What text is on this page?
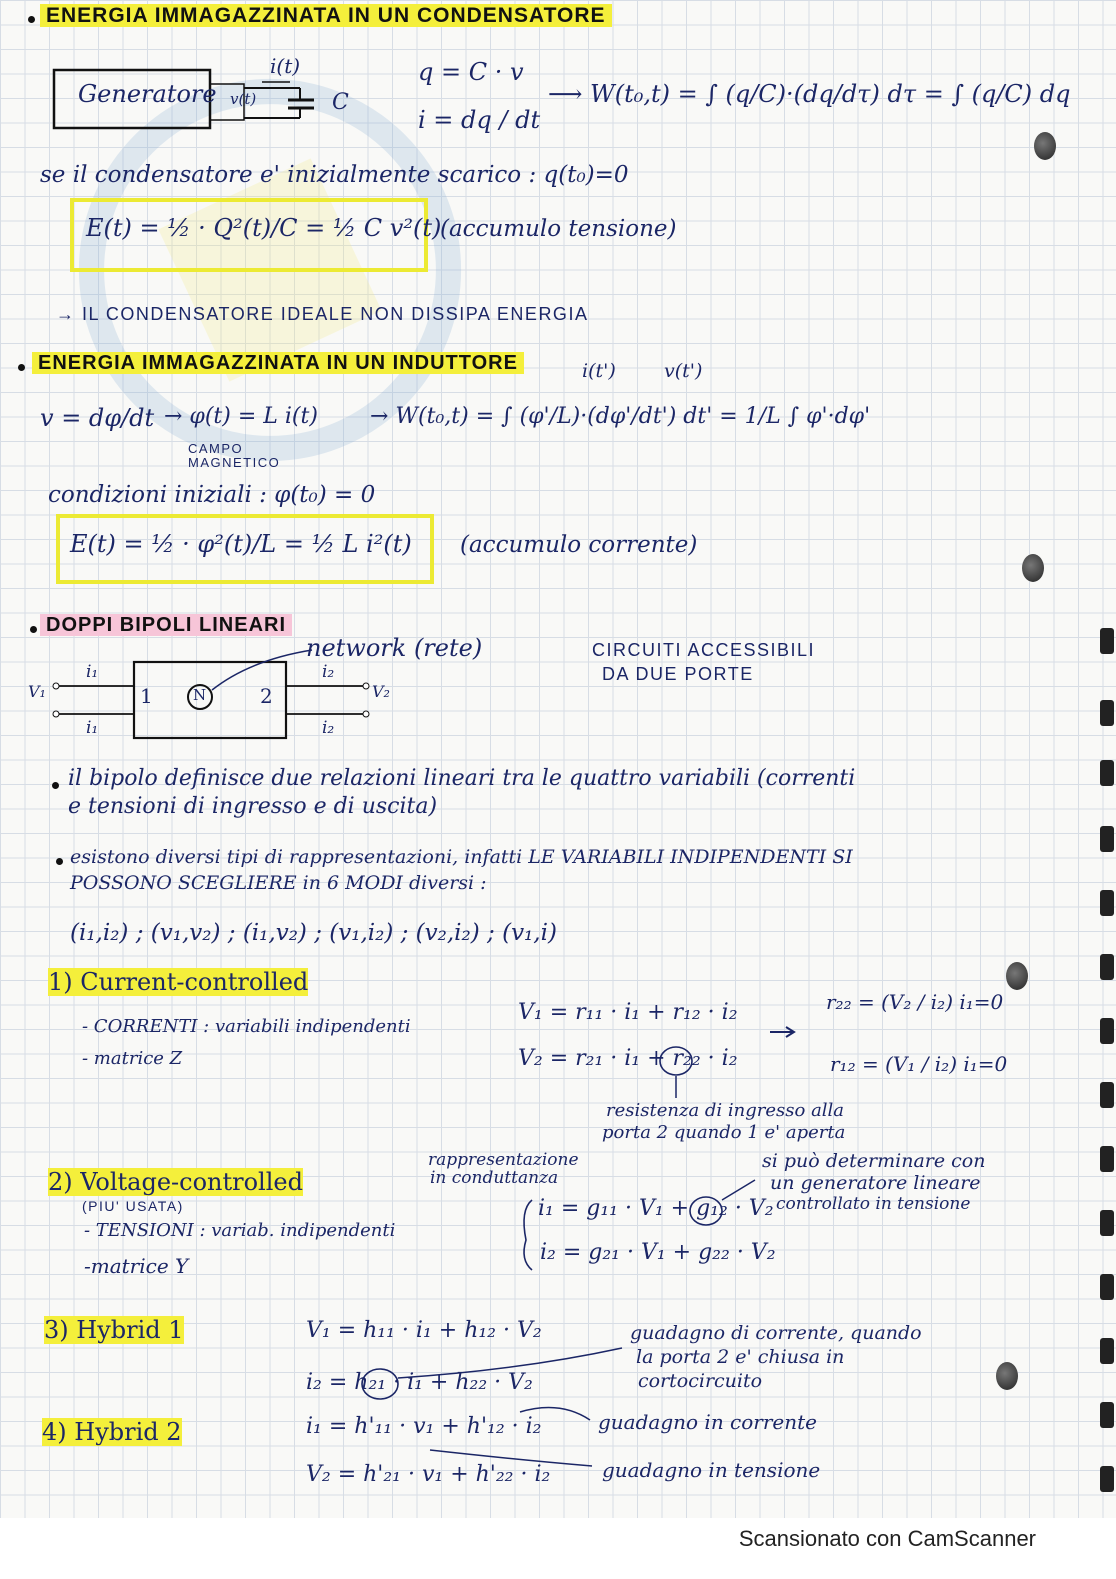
ENERGIA IMMAGAZZINATA IN UN CONDENSATORE
Generatore
i(t)
v(t)	C
q = C · v
i = dq / dt
⟶ W(t₀,t) = ∫ (q/C)·(dq/dτ) dτ = ∫ (q/C) dq
se il condensatore e' inizialmente scarico : q(t₀)=0
E(t) = ½ · Q²(t)/C = ½ C v²(t)
(accumulo tensione)
→ IL CONDENSATORE IDEALE NON DISSIPA ENERGIA
ENERGIA IMMAGAZZINATA IN UN INDUTTORE	i(t')	v(t')
v = dφ/dt → φ(t) = L i(t) → W(t₀,t) = ∫ (φ'/L)·(dφ'/dt') dt' = 1/L ∫ φ'·dφ'
CAMPO MAGNETICO
condizioni iniziali : φ(t₀) = 0
E(t) = ½ · φ²(t)/L = ½ L i²(t) (accumulo corrente)
DOPPI BIPOLI LINEARI
network (rete)	CIRCUITI ACCESSIBILI
DA DUE PORTE
1	2
N
V₁	V₂
i₁
i₁
i₂
i₂
il bipolo definisce due relazioni lineari tra le quattro variabili (correnti
e tensioni di ingresso e di uscita)
esistono diversi tipi di rappresentazioni, infatti LE VARIABILI INDIPENDENTI SI
POSSONO SCEGLIERE in 6 MODI diversi :
(i₁,i₂) ; (v₁,v₂) ; (i₁,v₂) ; (v₁,i₂) ; (v₂,i₂) ; (v₁,i)
1) Current-controlled
- CORRENTI : variabili indipendenti
- matrice Z
V₁ = r₁₁ · i₁ + r₁₂ · i₂
V₂ = r₂₁ · i₁ + r₂₂ · i₂
r₂₂ = (V₂ / i₂) i₁=0
r₁₂ = (V₁ / i₂) i₁=0
resistenza di ingresso alla
porta 2 quando 1 e' aperta
2) Voltage-controlled
(PIU' USATA)
- TENSIONI : variab. indipendenti
-matrice Y
rappresentazione
in conduttanza
i₁ = g₁₁ · V₁ + g₁₂ · V₂
i₂ = g₂₁ · V₁ + g₂₂ · V₂
si può determinare con
un generatore lineare
controllato in tensione
3) Hybrid 1	V₁ = h₁₁ · i₁ + h₁₂ · V₂
i₂ = h₂₁ · i₁ + h₂₂ · V₂
guadagno di corrente, quando
la porta 2 e' chiusa in
cortocircuito
4) Hybrid 2	i₁ = h'₁₁ · v₁ + h'₁₂ · i₂
V₂ = h'₂₁ · v₁ + h'₂₂ · i₂
guadagno in corrente
guadagno in tensione
Scansionato con CamScanner
